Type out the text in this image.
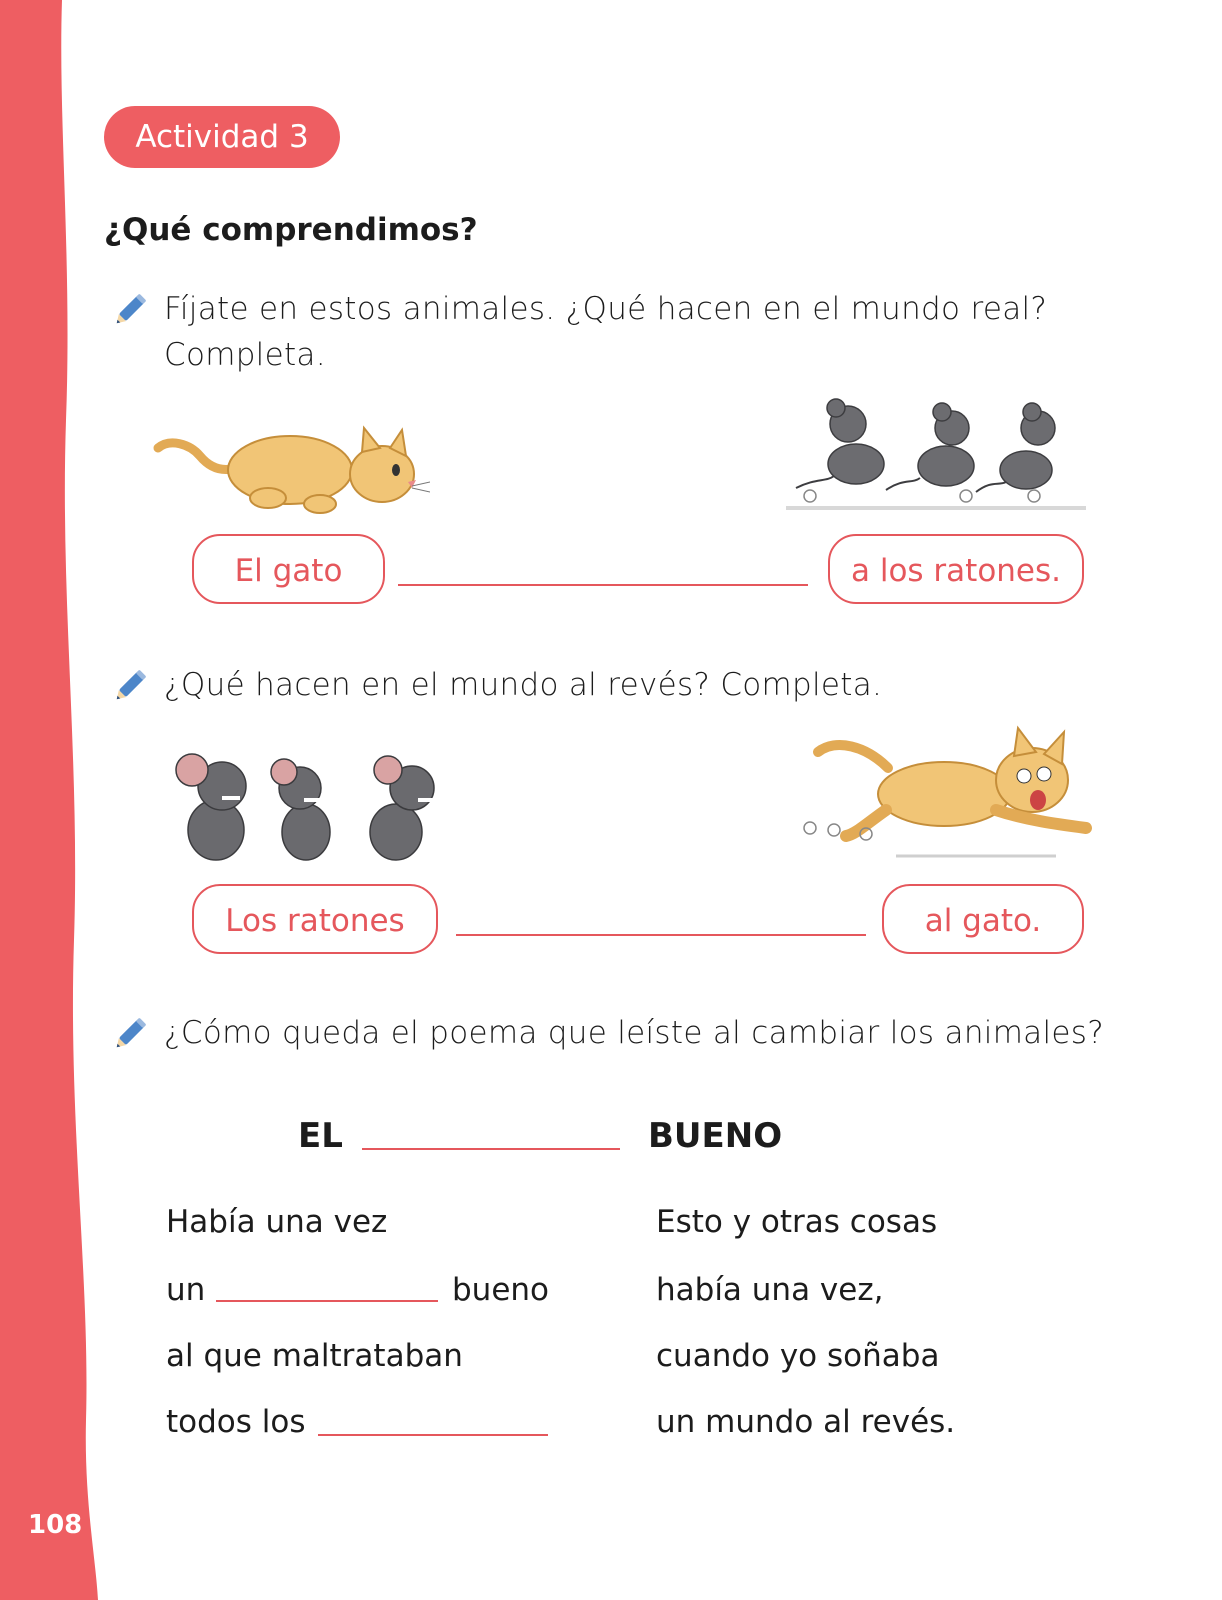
108
Actividad 3
¿Qué comprendimos?
Fíjate en estos animales. ¿Qué hacen en el mundo real?
Completa.
El gato	a los ratones.
¿Qué hacen en el mundo al revés? Completa.
Los ratones	al gato.
¿Cómo queda el poema que leíste al cambiar los animales?
EL	BUENO
Había una vez
un	bueno
al que maltrataban
todos los
Esto y otras cosas
había una vez,
cuando yo soñaba
un mundo al revés.
